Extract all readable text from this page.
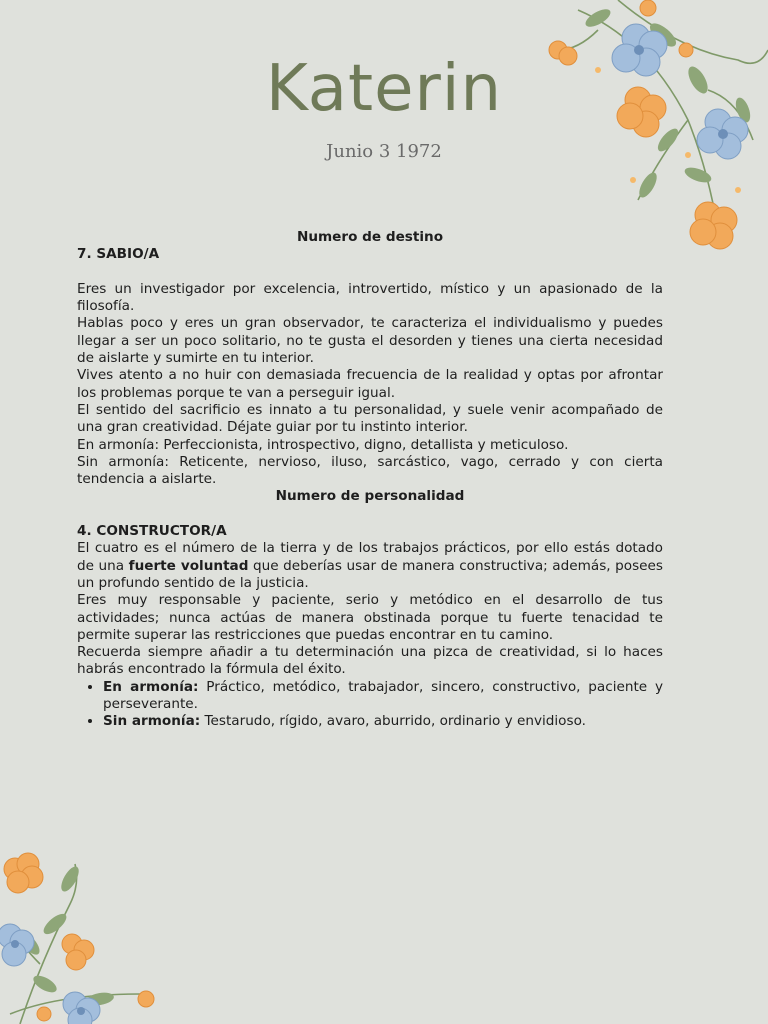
Katerin
Junio 3 1972

Numero de destino

7. SABIO/A

Eres un investigador por excelencia, introvertido, místico y un apasionado de la filosofía.

Hablas poco y eres un gran observador, te caracteriza el individualismo y puedes llegar a ser un poco solitario, no te gusta el desorden y tienes una cierta necesidad de aislarte y sumirte en tu interior.

Vives atento a no huir con demasiada frecuencia de la realidad y optas por afrontar los problemas porque te van a perseguir igual.

El sentido del sacrificio es innato a tu personalidad, y suele venir acompañado de una gran creatividad. Déjate guiar por tu instinto interior.

En armonía: Perfeccionista, introspectivo, digno, detallista y meticuloso.

Sin armonía: Reticente, nervioso, iluso, sarcástico, vago, cerrado y con cierta tendencia a aislarte.

Numero de personalidad

4. CONSTRUCTOR/A

El cuatro es el número de la tierra y de los trabajos prácticos, por ello estás dotado de una fuerte voluntad que deberías usar de manera constructiva; además, posees un profundo sentido de la justicia.

Eres muy responsable y paciente, serio y metódico en el desarrollo de tus actividades; nunca actúas de manera obstinada porque tu fuerte tenacidad te permite superar las restricciones que puedas encontrar en tu camino.

Recuerda siempre añadir a tu determinación una pizca de creatividad, si lo haces habrás encontrado la fórmula del éxito.

• En armonía: Práctico, metódico, trabajador, sincero, constructivo, paciente y perseverante.
• Sin armonía: Testarudo, rígido, avaro, aburrido, ordinario y envidioso.
